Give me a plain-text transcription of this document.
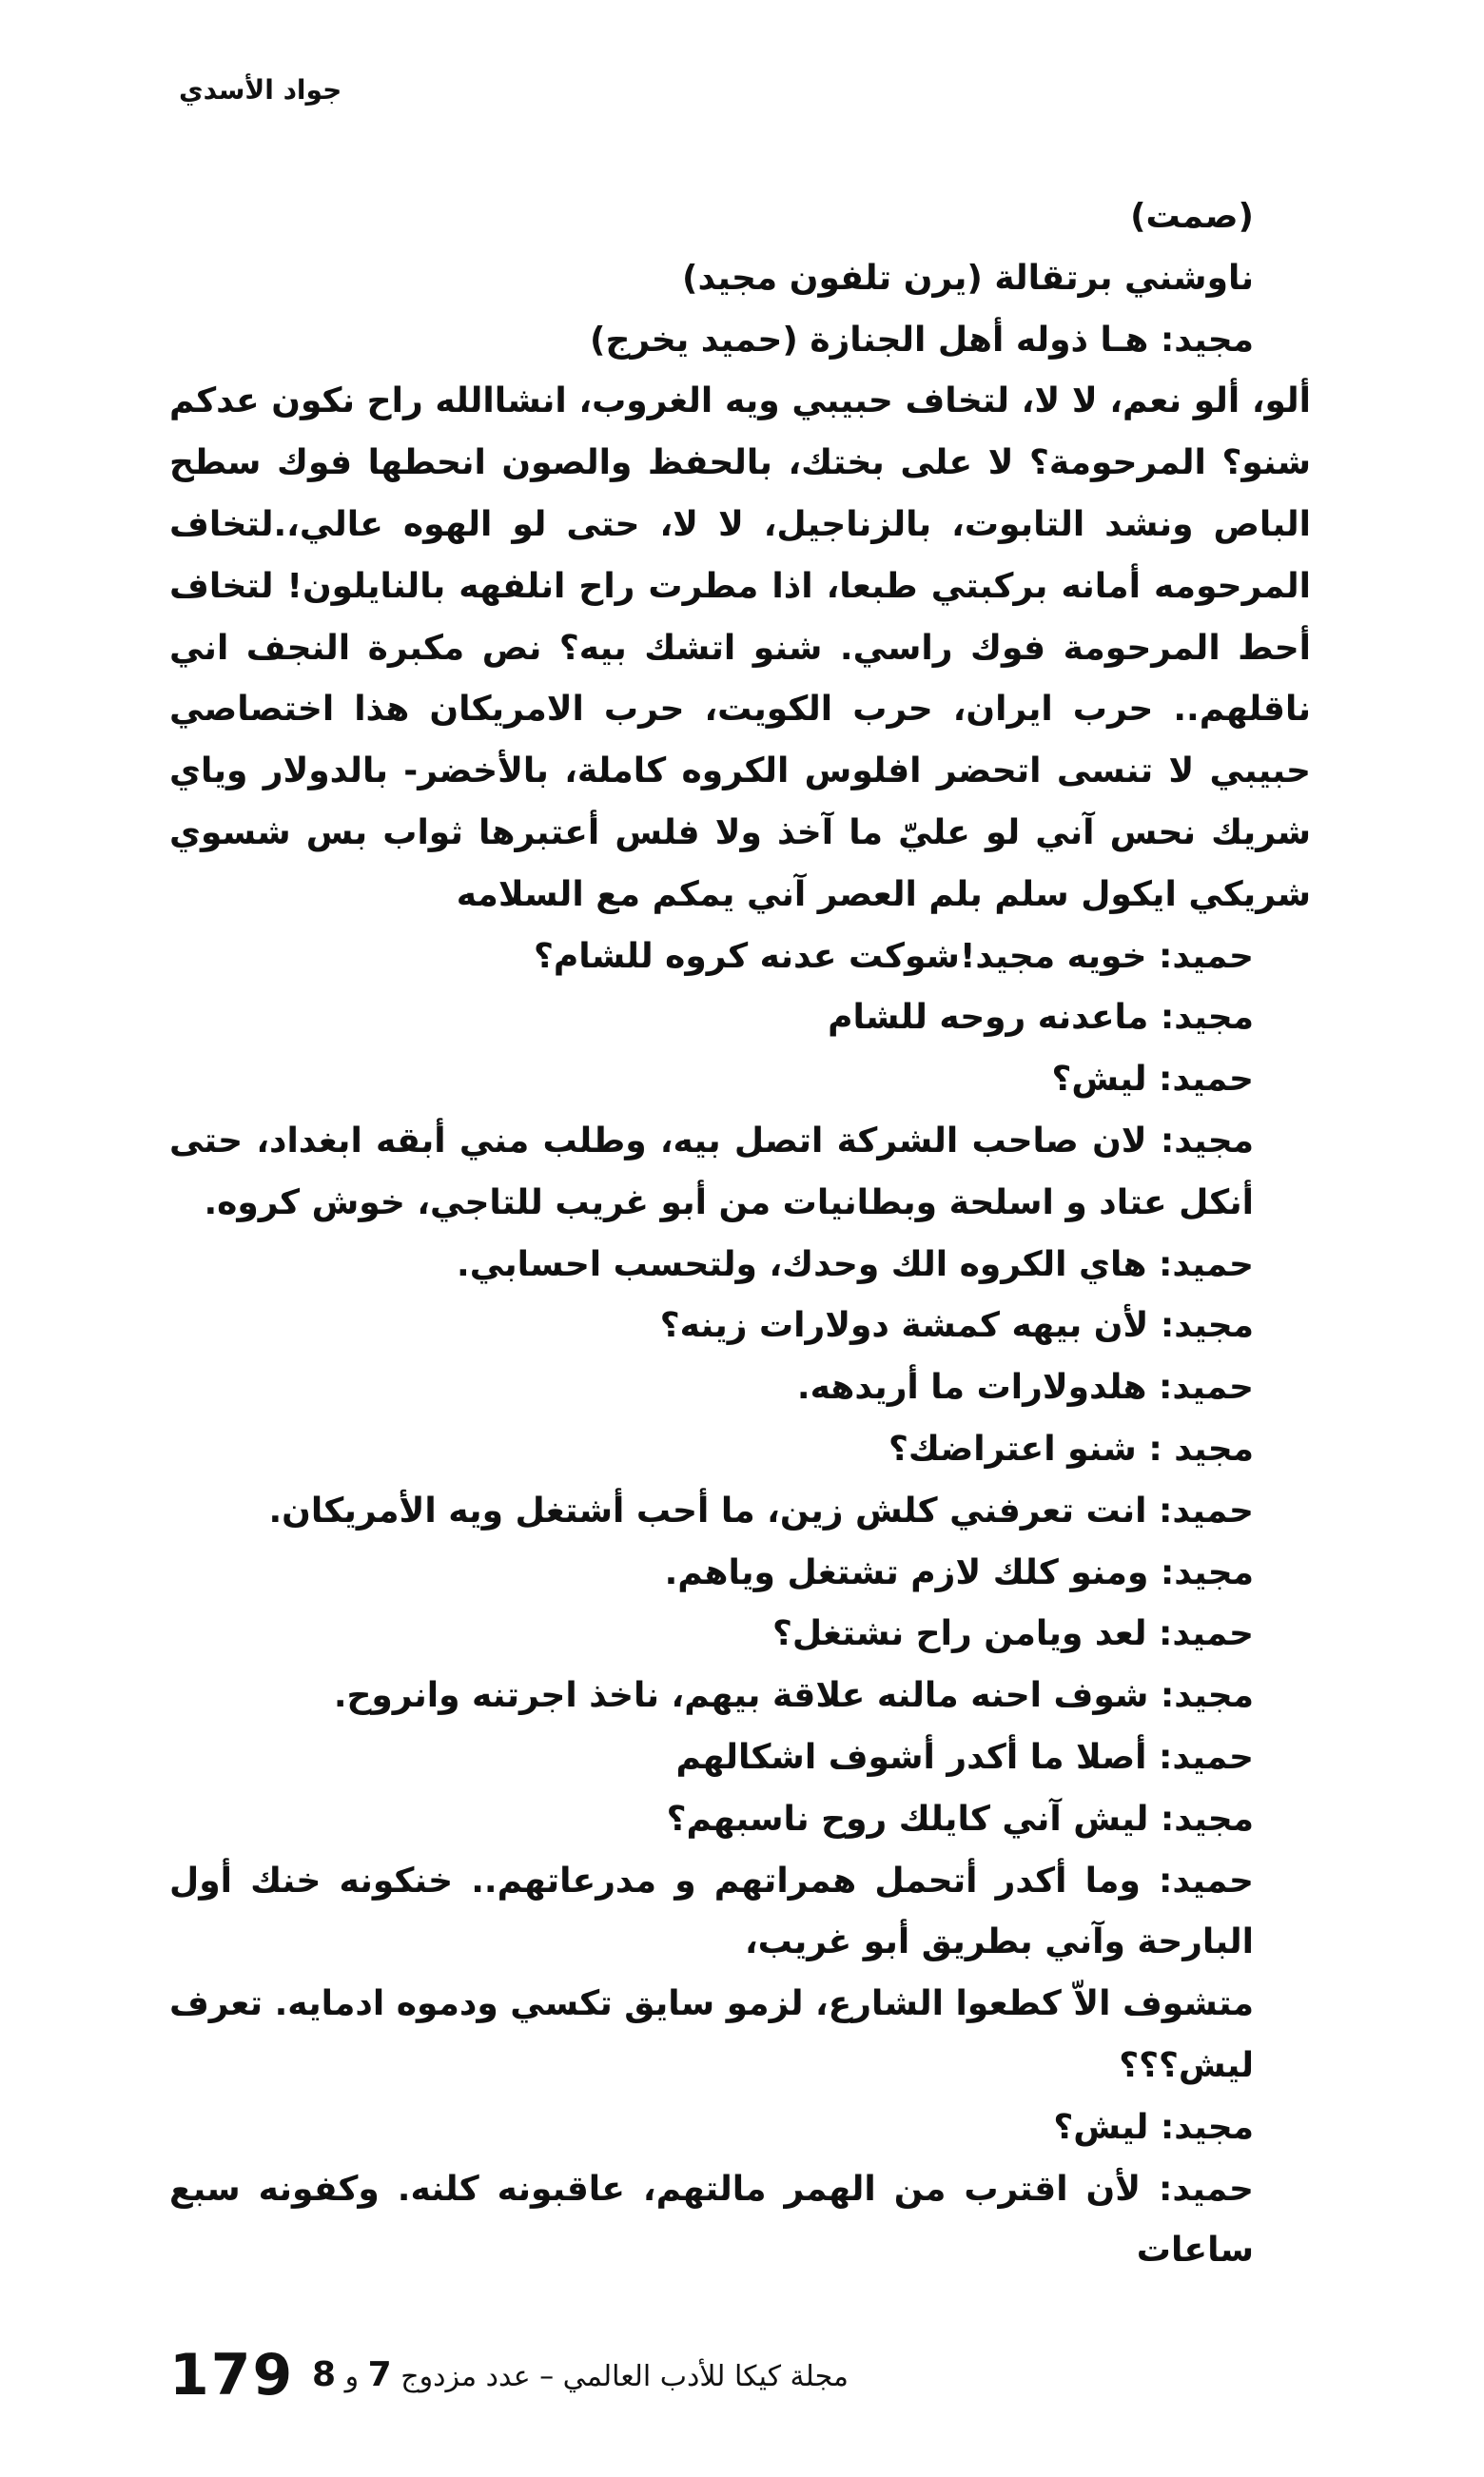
جواد الأسدي

(صمت)

ناوشني برتقالة (يرن تلفون مجيد)

مجيد: هـا ذوله أهل الجنازة (حميد يخرج)

ألو، ألو نعم، لا لا، لتخاف حبيبي ويه الغروب، انشاالله راح نكون عدكم شنو؟ المرحومة؟ لا على بختك، بالحفظ والصون انحطها فوك سطح الباص ونشد التابوت، بالزناجيل، لا لا، حتى لو الهوه عالي،.لتخاف المرحومه أمانه بركبتي طبعا، اذا مطرت راح انلفهه بالنايلون! لتخاف أحط المرحومة فوك راسي. شنو اتشك بيه؟ نص مكبرة النجف اني ناقلهم.. حرب ايران، حرب الكويت، حرب الامريكان هذا اختصاصي حبيبي لا تنسى اتحضر افلوس الكروه كاملة، بالأخضر- بالدولار وياي شريك نحس آني لو عليّ ما آخذ ولا فلس أعتبرها ثواب بس شسوي شريكي ايكول سلم بلم العصر آني يمكم مع السلامه

حميد: خويه مجيد!شوكت عدنه كروه للشام؟

مجيد: ماعدنه روحه للشام

حميد: ليش؟

مجيد: لان صاحب الشركة اتصل بيه، وطلب مني أبقه ابغداد، حتى أنكل عتاد و اسلحة وبطانيات من أبو غريب للتاجي، خوش كروه.

حميد: هاي الكروه الك وحدك، ولتحسب احسابي.

مجيد: لأن بيهه كمشة دولارات زينه؟

حميد: هلدولارات ما أريدهه.

مجيد : شنو اعتراضك؟

حميد: انت تعرفني كلش زين، ما أحب أشتغل ويه الأمريكان.

مجيد: ومنو كلك لازم تشتغل وياهم.

حميد: لعد ويامن راح نشتغل؟

مجيد: شوف احنه مالنه علاقة بيهم، ناخذ اجرتنه وانروح.

حميد: أصلا ما أكدر أشوف اشكالهم

مجيد: ليش آني كايلك روح ناسبهم؟

حميد: وما أكدر أتحمل همراتهم و مدرعاتهم.. خنكونه خنك أول البارحة وآني بطريق أبو غريب،

متشوف الاّ كطعوا الشارع، لزمو سايق تكسي ودموه ادمايه. تعرف ليش؟؟؟

مجيد: ليش؟

حميد: لأن اقترب من الهمر مالتهم، عاقبونه كلنه. وكفونه سبع ساعات

179	مجلة كيكا للأدب العالمي – عدد مزدوج 7 و 8
